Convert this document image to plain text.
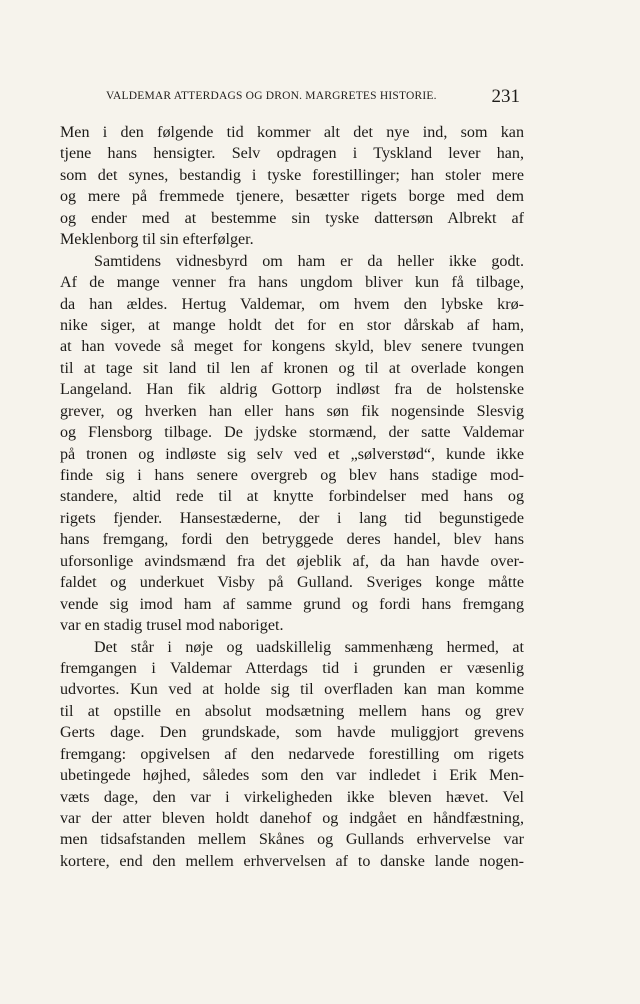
VALDEMAR ATTERDAGS OG DRON. MARGRETES HISTORIE.	231
Men i den følgende tid kommer alt det nye ind, som kan
tjene hans hensigter. Selv opdragen i Tyskland lever han,
som det synes, bestandig i tyske forestillinger; han stoler mere
og mere på fremmede tjenere, besætter rigets borge med dem
og ender med at bestemme sin tyske dattersøn Albrekt af
Meklenborg til sin efterfølger.
Samtidens vidnesbyrd om ham er da heller ikke godt.
Af de mange venner fra hans ungdom bliver kun få tilbage,
da han ældes. Hertug Valdemar, om hvem den lybske krø-
nike siger, at mange holdt det for en stor dårskab af ham,
at han vovede så meget for kongens skyld, blev senere tvungen
til at tage sit land til len af kronen og til at overlade kongen
Langeland. Han fik aldrig Gottorp indløst fra de holstenske
grever, og hverken han eller hans søn fik nogensinde Slesvig
og Flensborg tilbage. De jydske stormænd, der satte Valdemar
på tronen og indløste sig selv ved et „sølverstød“, kunde ikke
finde sig i hans senere overgreb og blev hans stadige mod-
standere, altid rede til at knytte forbindelser med hans og
rigets fjender. Hansestæderne, der i lang tid begunstigede
hans fremgang, fordi den betryggede deres handel, blev hans
uforsonlige avindsmænd fra det øjeblik af, da han havde over-
faldet og underkuet Visby på Gulland. Sveriges konge måtte
vende sig imod ham af samme grund og fordi hans fremgang
var en stadig trusel mod naboriget.
Det står i nøje og uadskillelig sammenhæng hermed, at
fremgangen i Valdemar Atterdags tid i grunden er væsenlig
udvortes. Kun ved at holde sig til overfladen kan man komme
til at opstille en absolut modsætning mellem hans og grev
Gerts dage. Den grundskade, som havde muliggjort grevens
fremgang: opgivelsen af den nedarvede forestilling om rigets
ubetingede højhed, således som den var indledet i Erik Men-
væts dage, den var i virkeligheden ikke bleven hævet. Vel
var der atter bleven holdt danehof og indgået en håndfæstning,
men tidsafstanden mellem Skånes og Gullands erhvervelse var
kortere, end den mellem erhvervelsen af to danske lande nogen-
